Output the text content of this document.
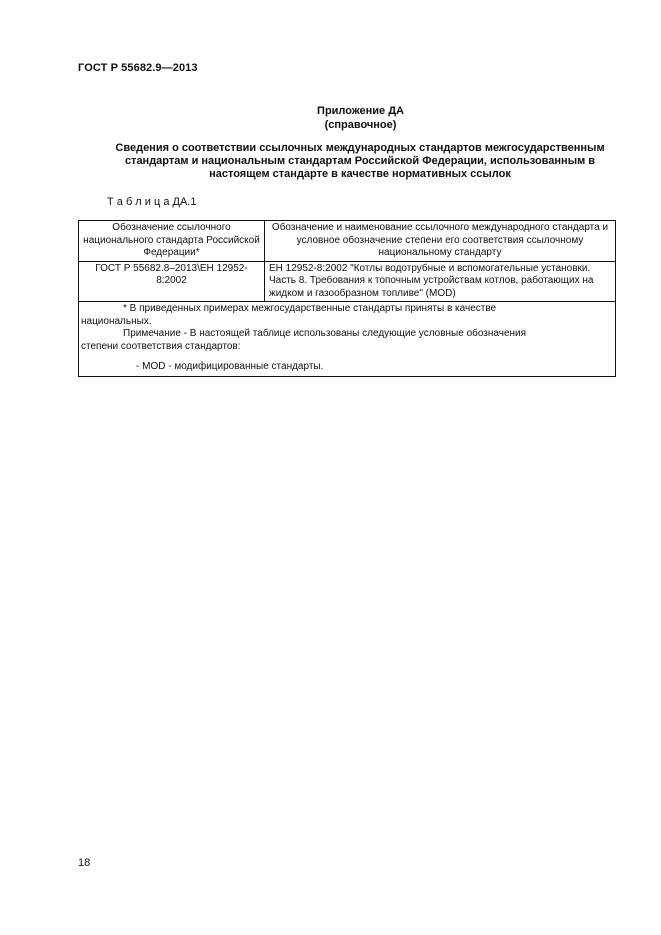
ГОСТ Р 55682.9—2013
Приложение ДА
(справочное)
Сведения о соответствии ссылочных международных стандартов межгосударственным
стандартам и национальным стандартам Российской Федерации, использованным в
настоящем стандарте в качестве нормативных ссылок
Т а б л и ц а ДА.1
Обозначение ссылочного национального стандарта Российской Федерации*	Обозначение и наименование ссылочного международного стандарта и условное обозначение степени его соответствия ссылочному национальному стандарту
ГОСТ Р 55682.8–2013\ЕН 12952-8:2002	ЕН 12952-8:2002 "Котлы водотрубные и вспомогательные установки. Часть 8. Требования к топочным устройствам котлов, работающих на жидком и газообразном топливе" (MOD)

* В приведенных примерах межгосударственные стандарты приняты в качестве
национальных.
Примечание - В настоящей таблице использованы следующие условные обозначения
степени соответствия стандартов:
- MOD - модифицированные стандарты.	
18
